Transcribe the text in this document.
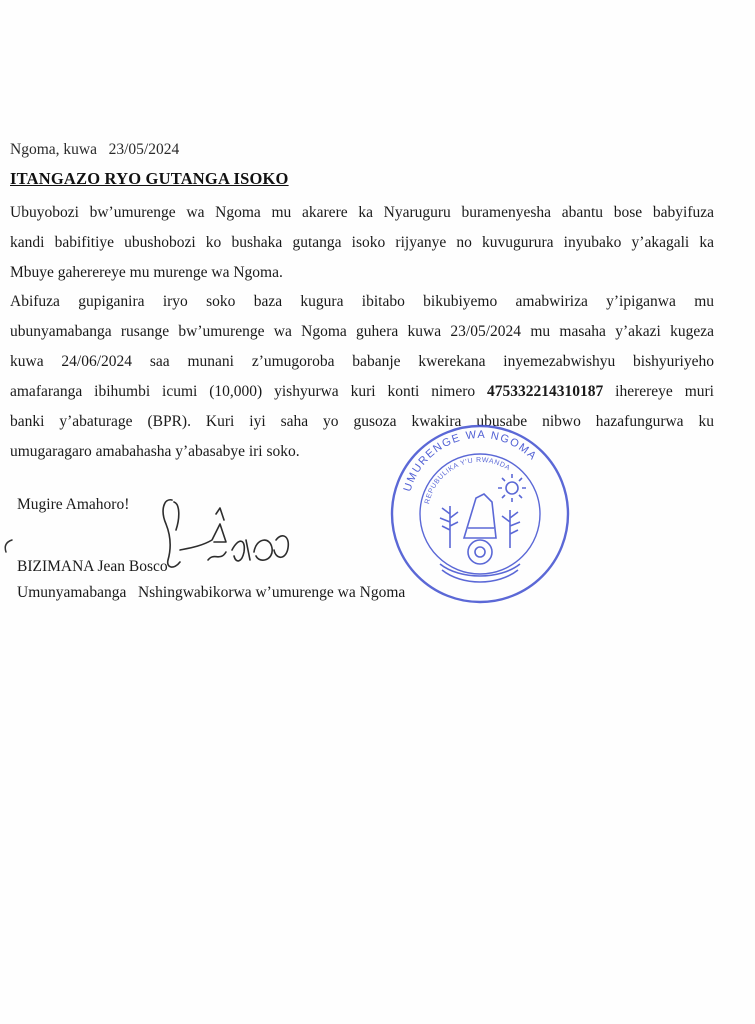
Ngoma, kuwa   23/05/2024
ITANGAZO RYO GUTANGA ISOKO
Ubuyobozi bw’umurenge wa Ngoma mu akarere ka Nyaruguru buramenyesha abantu bose babyifuza
kandi babifitiye ubushobozi ko bushaka gutanga isoko rijyanye no kuvugurura inyubako y’akagali ka
Mbuye gaherereye mu murenge wa Ngoma.
Abifuza gupiganira iryo soko baza kugura ibitabo bikubiyemo amabwiriza y’ipiganwa mu
ubunyamabanga rusange bw’umurenge wa Ngoma guhera kuwa 23/05/2024 mu masaha y’akazi kugeza
kuwa 24/06/2024 saa munani z’umugoroba babanje kwerekana inyemezabwishyu bishyuriyeho
amafaranga ibihumbi icumi (10,000) yishyurwa kuri konti nimero 475332214310187 iherereye muri
banki y’abaturage (BPR). Kuri iyi saha yo gusoza kwakira ubusabe nibwo hazafungurwa ku
umugaragaro amabahasha y’abasabye iri soko.
Mugire Amahoro!
BIZIMANA Jean Bosco
Umunyamabanga   Nshingwabikorwa w’umurenge wa Ngoma
UMURENGE WA NGOMA
REPUBULIKA Y'U RWANDA
